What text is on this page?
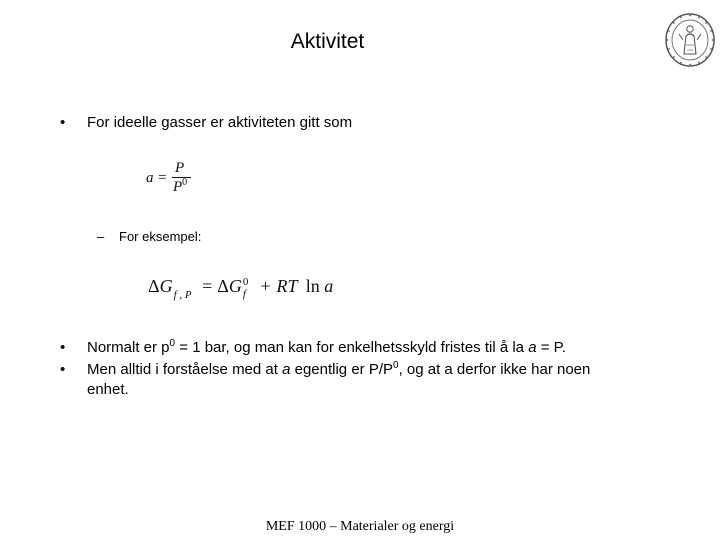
Aktivitet
• For ideelle gasser er aktiviteten gitt som
a =
P
$P^0$
– For eksempel:
$\Delta G_{f , P} = \Delta G$ 0
f + RT ln a
• Normalt er $p^0 = 1$ bar, og man kan for enkelhetsskyld fristes til å la a = P.
• Men alltid i forståelse med at a egentlig er $P/P^0$, og at a derfor ikke har noen
enhet.
MEF 1000 – Materialer og energi
